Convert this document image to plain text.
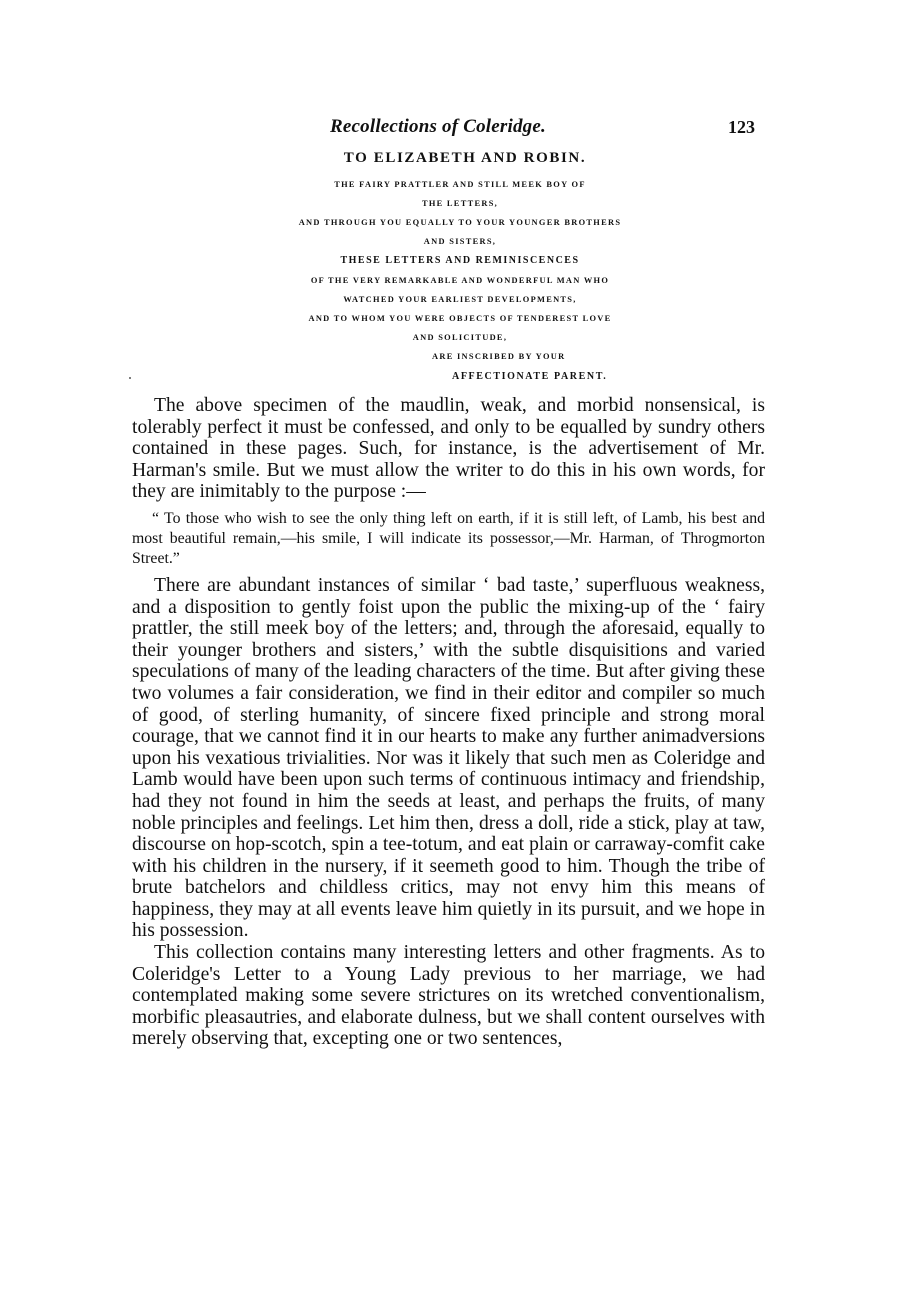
Recollections of Coleridge.	123
TO ELIZABETH AND ROBIN.
THE FAIRY PRATTLER AND STILL MEEK BOY OF
THE LETTERS,
AND THROUGH YOU EQUALLY TO YOUR YOUNGER BROTHERS
AND SISTERS,
THESE LETTERS AND REMINISCENCES
OF THE VERY REMARKABLE AND WONDERFUL MAN WHO
WATCHED YOUR EARLIEST DEVELOPMENTS,
AND TO WHOM YOU WERE OBJECTS OF TENDEREST LOVE
AND SOLICITUDE,
ARE INSCRIBED BY YOUR
AFFECTIONATE PARENT.

The above specimen of the maudlin, weak, and morbid nonsensical, is tolerably perfect it must be confessed, and only to be equalled by sundry others contained in these pages. Such, for instance, is the advertisement of Mr. Harman's smile. But we must allow the writer to do this in his own words, for they are inimitably to the purpose :—

“ To those who wish to see the only thing left on earth, if it is still left, of Lamb, his best and most beautiful remain,—his smile, I will indicate its possessor,—Mr. Harman, of Throgmorton Street.”

There are abundant instances of similar ‘ bad taste,’ superfluous weakness, and a disposition to gently foist upon the public the mixing-up of the ‘ fairy prattler, the still meek boy of the letters; and, through the aforesaid, equally to their younger brothers and sisters,’ with the subtle disquisitions and varied speculations of many of the leading characters of the time. But after giving these two volumes a fair consideration, we find in their editor and compiler so much of good, of sterling humanity, of sincere fixed principle and strong moral courage, that we cannot find it in our hearts to make any further animadversions upon his vexatious trivialities. Nor was it likely that such men as Coleridge and Lamb would have been upon such terms of continuous intimacy and friendship, had they not found in him the seeds at least, and perhaps the fruits, of many noble principles and feelings. Let him then, dress a doll, ride a stick, play at taw, discourse on hop-scotch, spin a tee-totum, and eat plain or carraway-comfit cake with his children in the nursery, if it seemeth good to him. Though the tribe of brute batchelors and childless critics, may not envy him this means of happiness, they may at all events leave him quietly in its pursuit, and we hope in his possession.

This collection contains many interesting letters and other fragments. As to Coleridge's Letter to a Young Lady previous to her marriage, we had contemplated making some severe strictures on its wretched conventionalism, morbific pleasautries, and elaborate dulness, but we shall content ourselves with merely observing that, excepting one or two sentences,
